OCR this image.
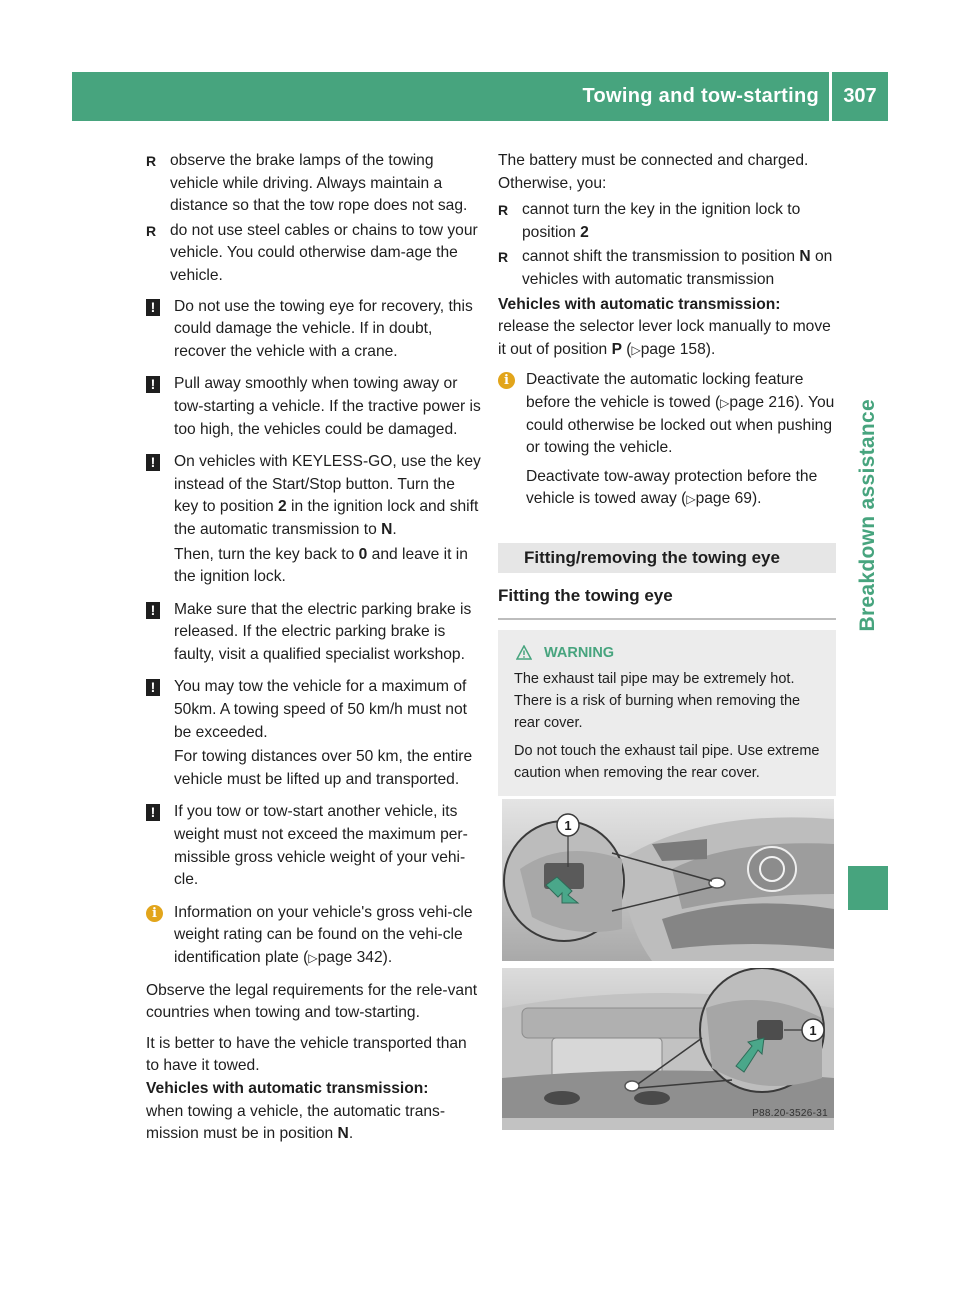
Towing and tow-starting	307
Breakdown assistance
R observe the brake lamps of the towing vehicle while driving. Always maintain a distance so that the tow rope does not sag.
R do not use steel cables or chains to tow your vehicle. You could otherwise dam-age the vehicle.
! Do not use the towing eye for recovery, this could damage the vehicle. If in doubt, recover the vehicle with a crane.
! Pull away smoothly when towing away or tow-starting a vehicle. If the tractive power is too high, the vehicles could be damaged.
! On vehicles with KEYLESS-GO, use the key instead of the Start/Stop button. Turn the key to position 2 in the ignition lock and shift the automatic transmission to N.

Then, turn the key back to 0 and leave it in the ignition lock.

! Make sure that the electric parking brake is released. If the electric parking brake is faulty, visit a qualified specialist workshop.
! You may tow the vehicle for a maximum of 50km. A towing speed of 50 km/h must not be exceeded.

For towing distances over 50 km, the entire vehicle must be lifted up and transported.

! If you tow or tow-start another vehicle, its weight must not exceed the maximum per-missible gross vehicle weight of your vehi-cle.
i	Information on your vehicle's gross vehi-cle weight rating can be found on the vehi-cle identification plate (▷page 342).

Observe the legal requirements for the rele-vant countries when towing and tow-starting.

It is better to have the vehicle transported than to have it towed.

Vehicles with automatic transmission:

when towing a vehicle, the automatic trans-mission must be in position N.

The battery must be connected and charged. Otherwise, you:

R cannot turn the key in the ignition lock to position 2
R cannot shift the transmission to position N on vehicles with automatic transmission

Vehicles with automatic transmission:

release the selector lever lock manually to move it out of position P (▷page 158).

i	Deactivate the automatic locking feature before the vehicle is towed (▷page 216). You could otherwise be locked out when pushing or towing the vehicle.

Deactivate tow-away protection before the vehicle is towed away (▷page 69).

Fitting/removing the towing eye
Fitting the towing eye
WARNING

The exhaust tail pipe may be extremely hot. There is a risk of burning when removing the rear cover.

Do not touch the exhaust tail pipe. Use extreme caution when removing the rear cover.

1
1
P88.20-3526-31
